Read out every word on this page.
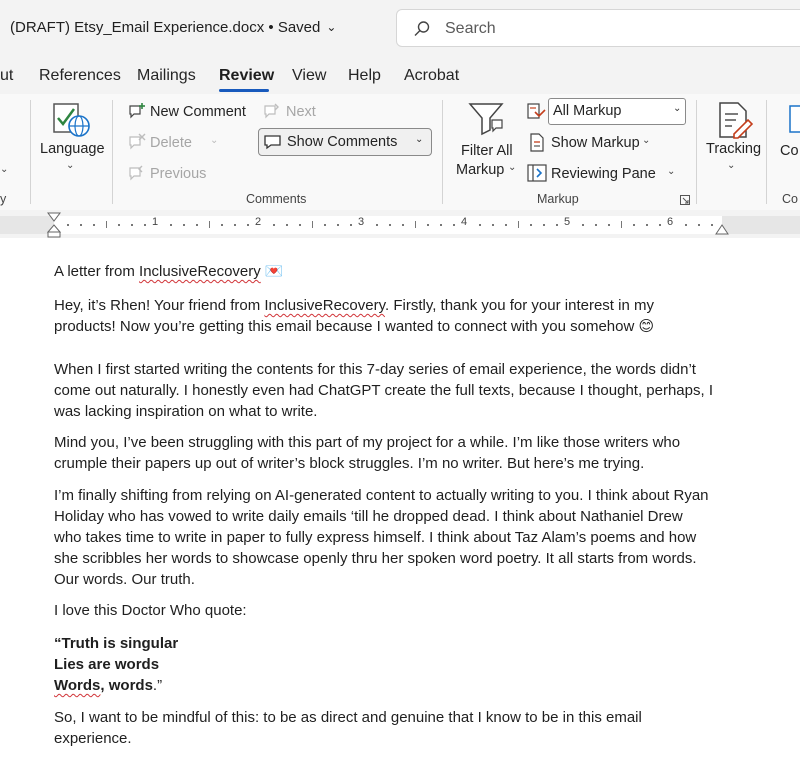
(DRAFT) Etsy_Email Experience.docx • Saved ⌄
Search
ut References Mailings Review View Help Acrobat
⌄
y
Language
⌄
New Comment
Delete ⌄
Previous
Next
Show Comments ⌄
Comments
Filter All
Markup ⌄
All Markup	⌄
Show Markup ⌄
Reviewing Pane ⌄
Markup
Tracking
⌄
Co
Co
1	2	3	4	5	6
A letter from InclusiveRecovery 💌
Hey, it’s Rhen! Your friend from InclusiveRecovery. Firstly, thank you for your interest in my
products! Now you’re getting this email because I wanted to connect with you somehow 😊
When I first started writing the contents for this 7-day series of email experience, the words didn’t
come out naturally. I honestly even had ChatGPT create the full texts, because I thought, perhaps, I
was lacking inspiration on what to write.
Mind you, I’ve been struggling with this part of my project for a while. I’m like those writers who
crumple their papers up out of writer’s block struggles. I’m no writer. But here’s me trying.
I’m finally shifting from relying on AI-generated content to actually writing to you. I think about Ryan
Holiday who has vowed to write daily emails ‘till he dropped dead. I think about Nathaniel Drew
who takes time to write in paper to fully express himself. I think about Taz Alam’s poems and how
she scribbles her words to showcase openly thru her spoken word poetry. It all starts from words.
Our words. Our truth.
I love this Doctor Who quote:
“Truth is singular
Lies are words
Words, words.”
So, I want to be mindful of this: to be as direct and genuine that I know to be in this email
experience.
